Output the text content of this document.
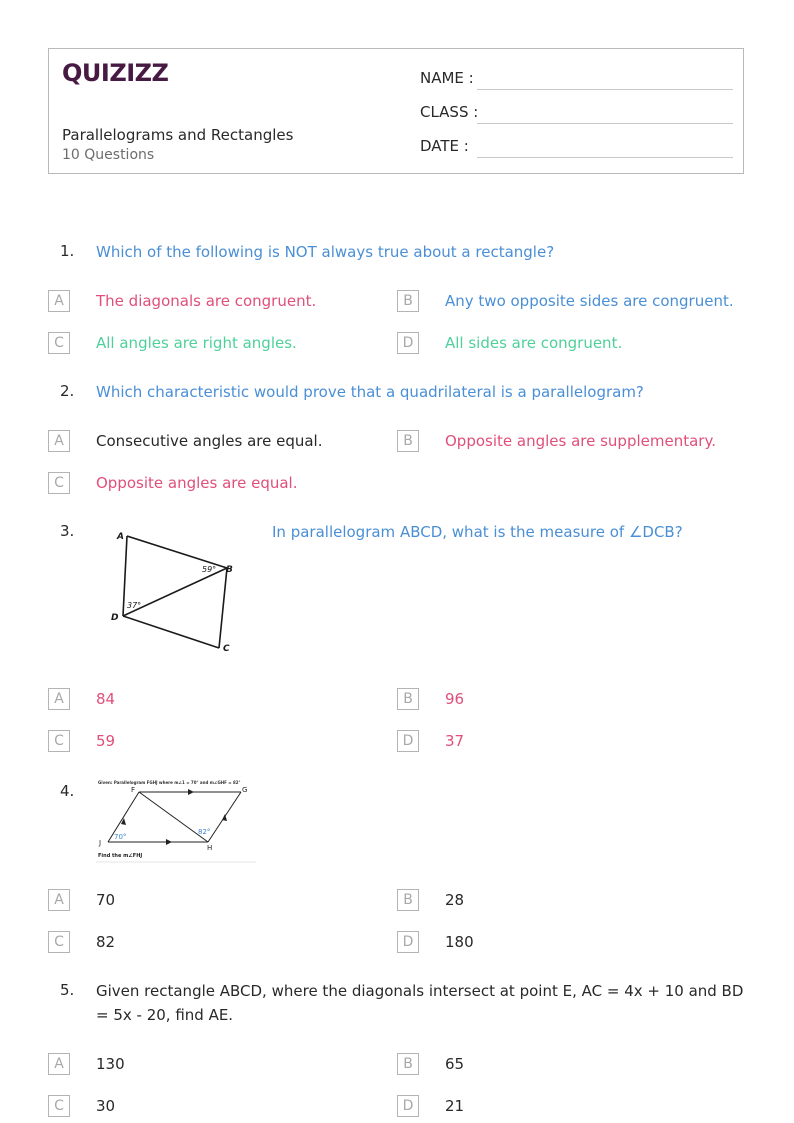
QUIZIZZ
Parallelograms and Rectangles
10 Questions
NAME :
CLASS :
DATE :
1. Which of the following is NOT always true about a rectangle?
A	The diagonals are congruent.	B	Any two opposite sides are congruent.
C	All angles are right angles.	D	All sides are congruent.
2. Which characteristic would prove that a quadrilateral is a parallelogram?
A	Consecutive angles are equal.	B	Opposite angles are supplementary.
C	Opposite angles are equal.
3.	In parallelogram ABCD, what is the measure of ∠DCB?
A
B
C
D
59°
37°
A	84	B	96
C	59	D	37
4.	Given: Parallelogram FGHJ where m∠1 = 70° and m∠GHF = 82°
F	G
H
J
70°
82°
Find the m∠FHJ
A	70	B	28
C	82	D	180
5. Given rectangle ABCD, where the diagonals intersect at point E, AC = 4x + 10 and BD = 5x - 20, find AE.
A	130	B	65
C	30	D	21
